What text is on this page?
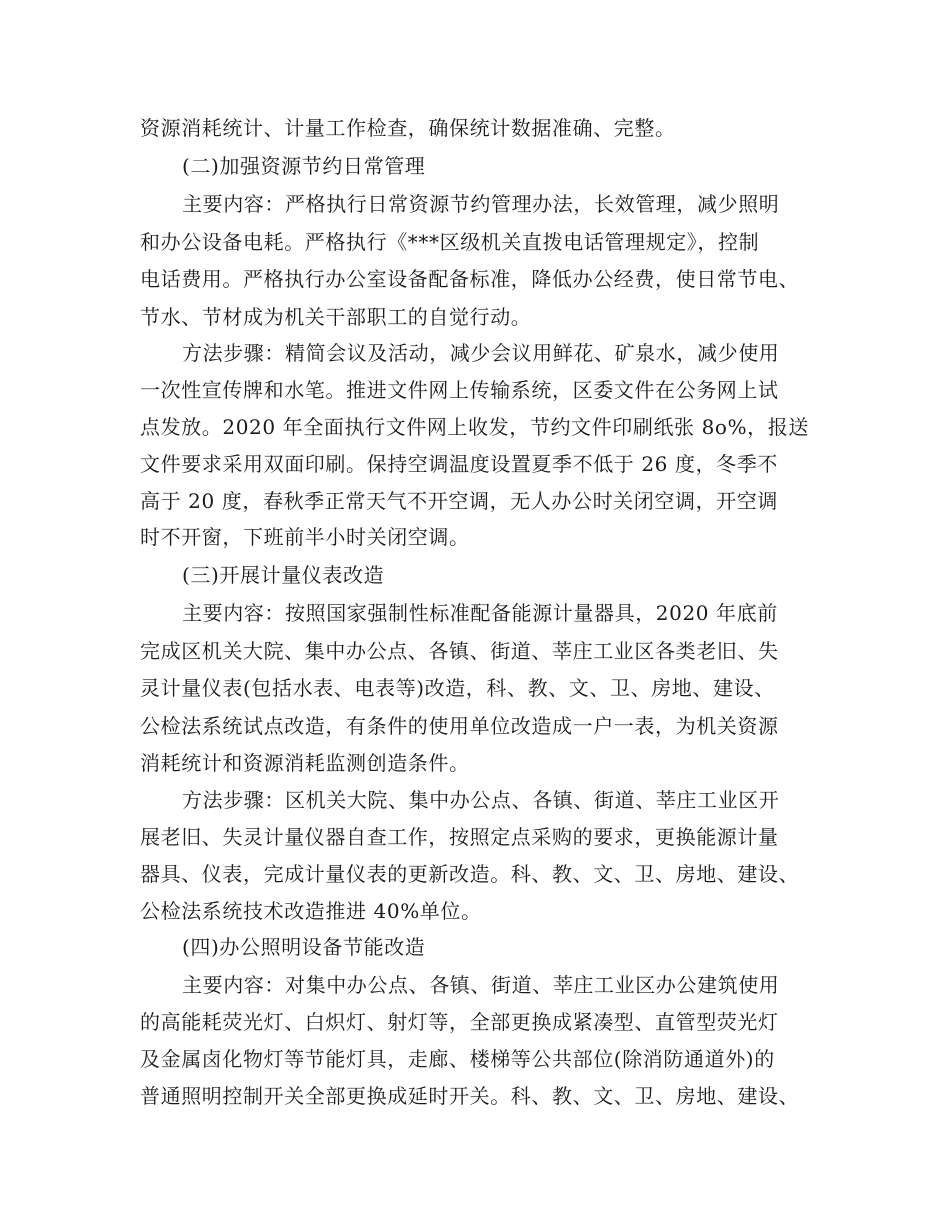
资源消耗统计、计量工作检查，确保统计数据准确、完整。
(二)加强资源节约日常管理
主要内容：严格执行日常资源节约管理办法，长效管理，减少照明
和办公设备电耗。严格执行《***区级机关直拨电话管理规定》，控制
电话费用。严格执行办公室设备配备标准，降低办公经费，使日常节电、
节水、节材成为机关干部职工的自觉行动。
方法步骤：精简会议及活动，减少会议用鲜花、矿泉水，减少使用
一次性宣传牌和水笔。推进文件网上传输系统，区委文件在公务网上试
点发放。2020 年全面执行文件网上收发，节约文件印刷纸张 8o%，报送
文件要求采用双面印刷。保持空调温度设置夏季不低于 26 度，冬季不
高于 20 度，春秋季正常天气不开空调，无人办公时关闭空调，开空调
时不开窗，下班前半小时关闭空调。
(三)开展计量仪表改造
主要内容：按照国家强制性标准配备能源计量器具，2020 年底前
完成区机关大院、集中办公点、各镇、街道、莘庄工业区各类老旧、失
灵计量仪表(包括水表、电表等)改造，科、教、文、卫、房地、建设、
公检法系统试点改造，有条件的使用单位改造成一户一表，为机关资源
消耗统计和资源消耗监测创造条件。
方法步骤：区机关大院、集中办公点、各镇、街道、莘庄工业区开
展老旧、失灵计量仪器自查工作，按照定点采购的要求，更换能源计量
器具、仪表，完成计量仪表的更新改造。科、教、文、卫、房地、建设、
公检法系统技术改造推进 40%单位。
(四)办公照明设备节能改造
主要内容：对集中办公点、各镇、街道、莘庄工业区办公建筑使用
的高能耗荧光灯、白炽灯、射灯等，全部更换成紧凑型、直管型荧光灯
及金属卤化物灯等节能灯具，走廊、楼梯等公共部位(除消防通道外)的
普通照明控制开关全部更换成延时开关。科、教、文、卫、房地、建设、
